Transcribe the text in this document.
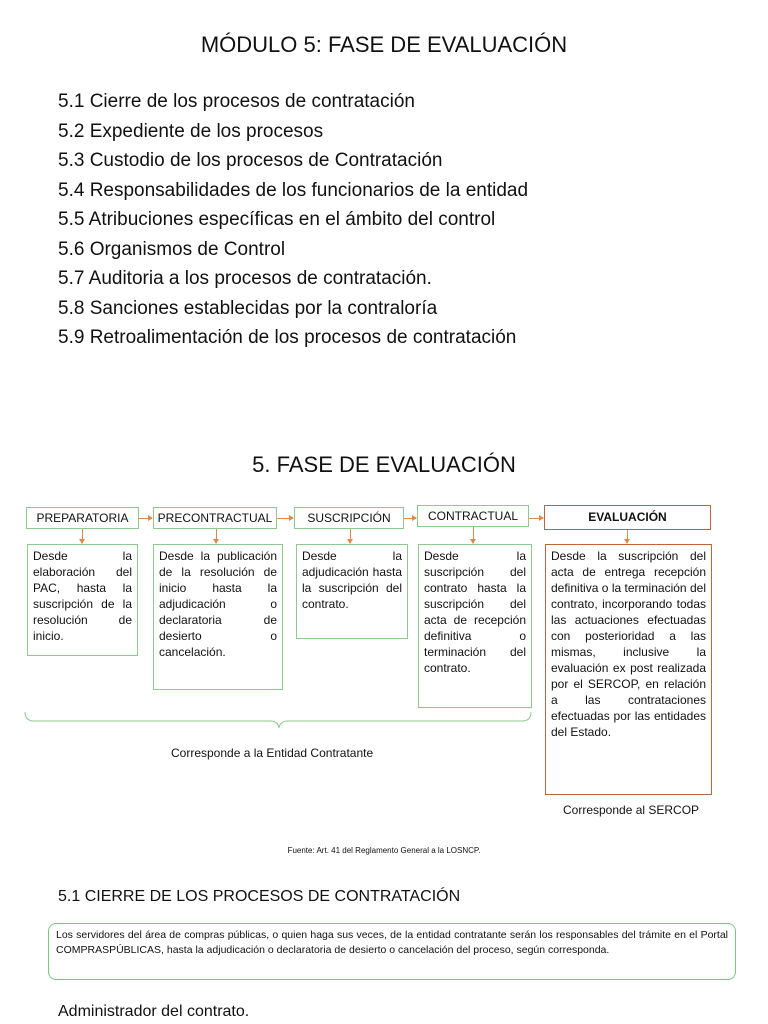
MÓDULO 5: FASE DE EVALUACIÓN
5.1 Cierre de los procesos de contratación
5.2 Expediente de los procesos
5.3 Custodio de los procesos de Contratación
5.4 Responsabilidades de los funcionarios de la entidad
5.5 Atribuciones específicas en el ámbito del control
5.6 Organismos de Control
5.7 Auditoria a los procesos de contratación.
5.8 Sanciones establecidas por la contraloría
5.9 Retroalimentación de los procesos de contratación
5. FASE DE EVALUACIÓN
PREPARATORIA	PRECONTRACTUAL	SUSCRIPCIÓN	CONTRACTUAL	EVALUACIÓN
Desde la elaboración del PAC, hasta la suscripción de la resolución de inicio.
Desde la publicación de la resolución de inicio hasta la adjudicación o declaratoria de desierto o cancelación.
Desde la adjudicación hasta la suscripción del contrato.
Desde la suscripción del contrato hasta la suscripción del acta de recepción definitiva o terminación del contrato.
Desde la suscripción del acta de entrega recepción definitiva o la terminación del contrato, incorporando todas las actuaciones efectuadas con posterioridad a las mismas, inclusive la evaluación ex post realizada por el SERCOP, en relación a las contrataciones efectuadas por las entidades del Estado.
Corresponde a la Entidad Contratante
Corresponde al SERCOP
Fuente: Art. 41 del Reglamento General a la LOSNCP.
5.1 CIERRE DE LOS PROCESOS DE CONTRATACIÓN
Los servidores del área de compras públicas, o quien haga sus veces, de la entidad contratante serán los responsables del trámite en el Portal COMPRASPÚBLICAS, hasta la adjudicación o declaratoria de desierto o cancelación del proceso, según corresponda.
Administrador del contrato.
